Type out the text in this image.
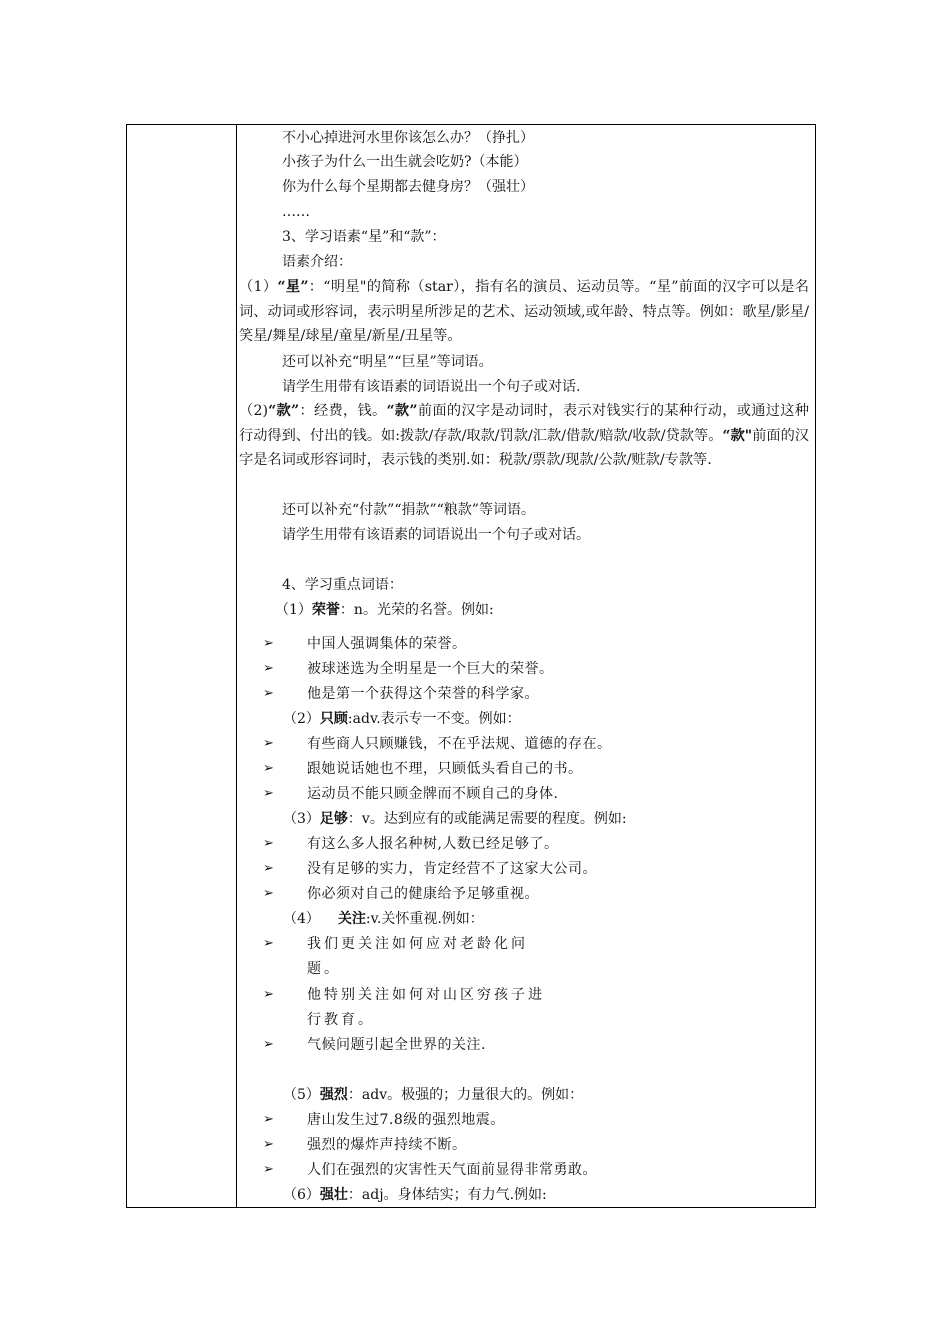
不小心掉进河水里你该怎么办？（挣扎）
小孩子为什么一出生就会吃奶?（本能）
你为什么每个星期都去健身房？（强壮）
……
3、学习语素“星”和“款”：
语素介绍：
（1）“星”：“明星"的简称（star），指有名的演员、运动员等。“星”前面的汉字可以是名词、动词或形容词，表示明星所涉足的艺术、运动领域,或年龄、特点等。例如：歌星/影星/笑星/舞星/球星/童星/新星/丑星等。
还可以补充“明星”“巨星”等词语。
请学生用带有该语素的词语说出一个句子或对话.
（2)“款”：经费，钱。“款”前面的汉字是动词时，表示对钱实行的某种行动，或通过这种行动得到、付出的钱。如:拨款/存款/取款/罚款/汇款/借款/赔款/收款/贷款等。“款"前面的汉字是名词或形容词时，表示钱的类别.如：税款/票款/现款/公款/赃款/专款等.
还可以补充“付款”“捐款”“粮款”等词语。
请学生用带有该语素的词语说出一个句子或对话。
4、学习重点词语：
（1）荣誉：n。光荣的名誉。例如:
➢ 中国人强调集体的荣誉。
➢ 被球迷选为全明星是一个巨大的荣誉。
➢ 他是第一个获得这个荣誉的科学家。
（2）只顾:adv.表示专一不变。例如：
➢ 有些商人只顾赚钱，不在乎法规、道德的存在。
➢ 跟她说话她也不理，只顾低头看自己的书。
➢ 运动员不能只顾金牌而不顾自己的身体.
（3）足够：v。达到应有的或能满足需要的程度。例如:
➢ 有这么多人报名种树,人数已经足够了。
➢ 没有足够的实力，肯定经营不了这家大公司。
➢ 你必须对自己的健康给予足够重视。
（4） 关注:v.关怀重视.例如：
➢ 我们更关注如何应对老龄化问
题。
➢ 他特别关注如何对山区穷孩子进
行教育。
➢ 气候问题引起全世界的关注.
（5）强烈：adv。极强的；力量很大的。例如：
➢ 唐山发生过7.8级的强烈地震。
➢ 强烈的爆炸声持续不断。
➢ 人们在强烈的灾害性天气面前显得非常勇敢。
（6）强壮：adj。身体结实；有力气.例如:
